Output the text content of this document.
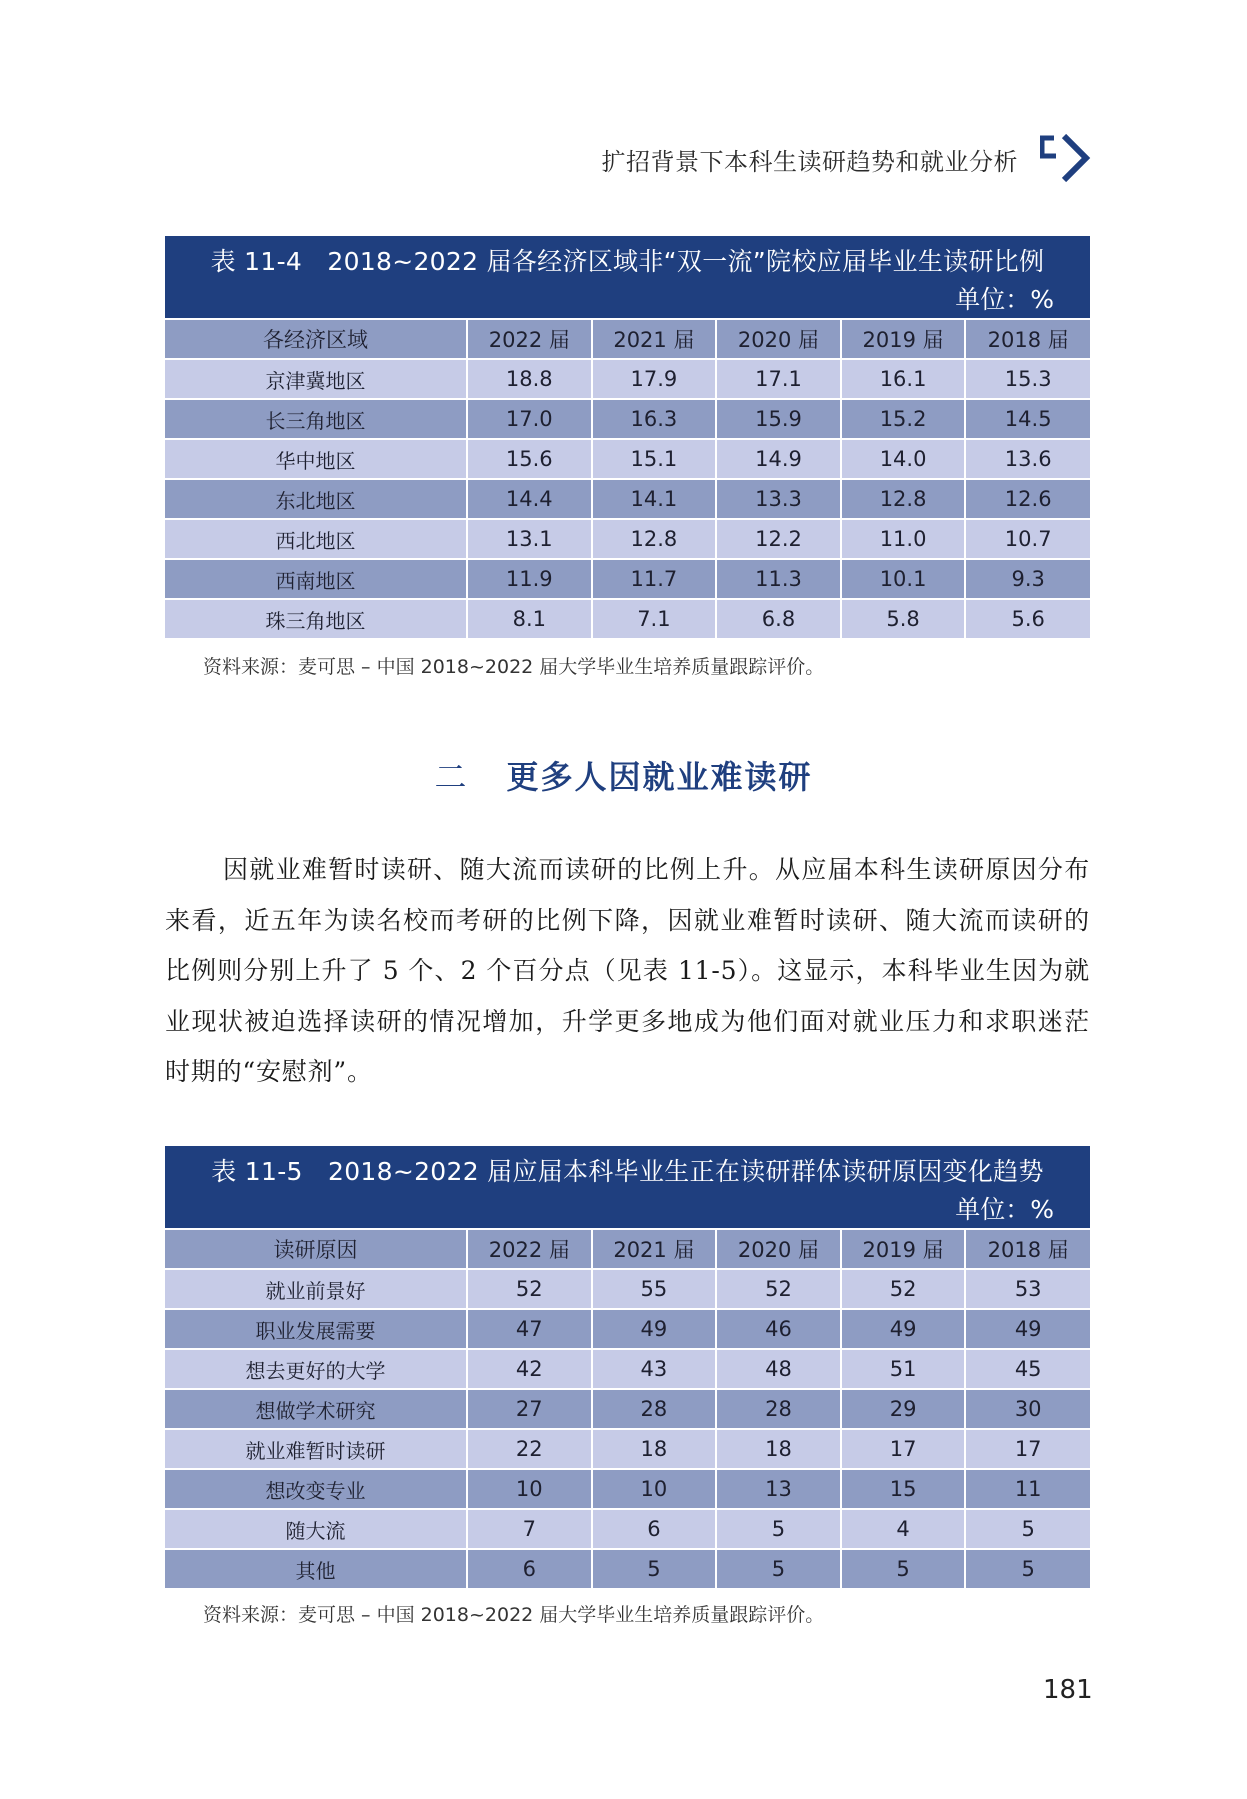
扩招背景下本科生读研趋势和就业分析
表 11-4　2018~2022 届各经济区域非“双一流”院校应届毕业生读研比例
单位：%
各经济区域	2022 届	2021 届	2020 届	2019 届	2018 届
京津冀地区	18.8	17.9	17.1	16.1	15.3
长三角地区	17.0	16.3	15.9	15.2	14.5
华中地区	15.6	15.1	14.9	14.0	13.6
东北地区	14.4	14.1	13.3	12.8	12.6
西北地区	13.1	12.8	12.2	11.0	10.7
西南地区	11.9	11.7	11.3	10.1	9.3
珠三角地区	8.1	7.1	6.8	5.8	5.6
资料来源：麦可思 – 中国 2018~2022 届大学毕业生培养质量跟踪评价。
二 更多人因就业难读研
因就业难暂时读研、随大流而读研的比例上升。从应届本科生读研原因分布来看，近五年为读名校而考研的比例下降，因就业难暂时读研、随大流而读研的比例则分别上升了 5 个、2 个百分点（见表 11-5）。这显示，本科毕业生因为就业现状被迫选择读研的情况增加，升学更多地成为他们面对就业压力和求职迷茫时期的“安慰剂”。
表 11-5　2018~2022 届应届本科毕业生正在读研群体读研原因变化趋势
单位：%
读研原因	2022 届	2021 届	2020 届	2019 届	2018 届
就业前景好	52	55	52	52	53
职业发展需要	47	49	46	49	49
想去更好的大学	42	43	48	51	45
想做学术研究	27	28	28	29	30
就业难暂时读研	22	18	18	17	17
想改变专业	10	10	13	15	11
随大流	7	6	5	4	5
其他	6	5	5	5	5
资料来源：麦可思 – 中国 2018~2022 届大学毕业生培养质量跟踪评价。
181
